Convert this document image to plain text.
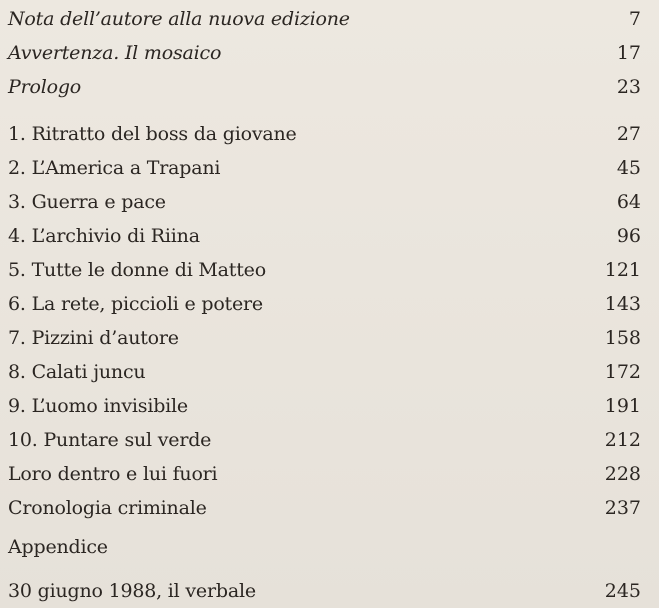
Nota dell’autore alla nuova edizione	7
Avvertenza. Il mosaico	17
Prologo	23
1. Ritratto del boss da giovane	27
2. L’America a Trapani	45
3. Guerra e pace	64
4. L’archivio di Riina	96
5. Tutte le donne di Matteo	121
6. La rete, piccioli e potere	143
7. Pizzini d’autore	158
8. Calati juncu	172
9. L’uomo invisibile	191
10. Puntare sul verde	212
Loro dentro e lui fuori	228
Cronologia criminale	237
Appendice
30 giugno 1988, il verbale	245
